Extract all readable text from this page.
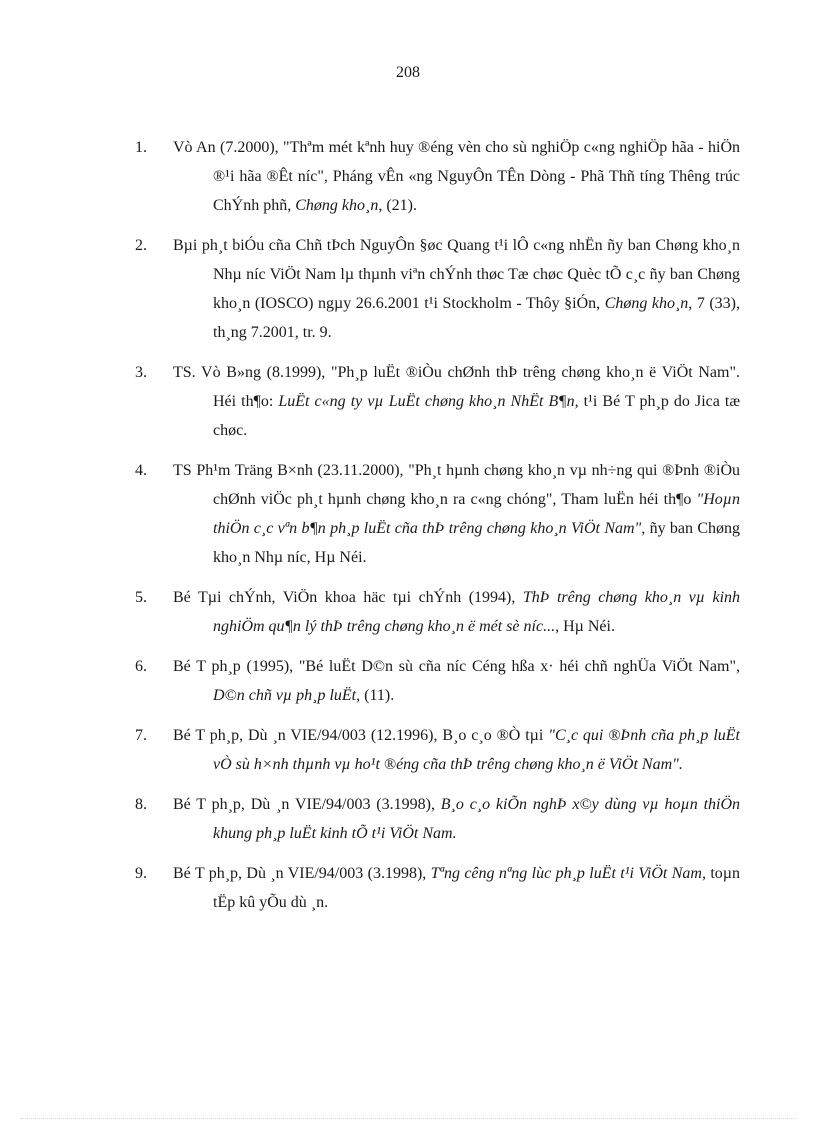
208
1. Vò An (7.2000), "Thªm mét kªnh huy ®éng vèn cho sù nghiÖp c«ng nghiÖp hãa - hiÖn ®¹i hãa ®Êt níc", Pháng vÊn «ng NguyÔn TÊn Dòng - Phã Thñ tíng Thêng trúc ChÝnh phñ, Chøng kho¸n, (21).
2. Bµi ph¸t biÓu cña Chñ tÞch NguyÔn §øc Quang t¹i lÔ c«ng nhËn ñy ban Chøng kho¸n Nhµ níc ViÖt Nam lµ thµnh viªn chÝnh thøc Tæ chøc Quèc tÕ c¸c ñy ban Chøng kho¸n (IOSCO) ngµy 26.6.2001 t¹i Stockholm - Thôy §iÓn, Chøng kho¸n, 7 (33), th¸ng 7.2001, tr. 9.
3. TS. Vò B»ng (8.1999), "Ph¸p luËt ®iÒu chØnh thÞ trêng chøng kho¸n ë ViÖt Nam". Héi th¶o: LuËt c«ng ty vµ LuËt chøng kho¸n NhËt B¶n, t¹i Bé T ph¸p do Jica tæ chøc.
4. TS Ph¹m Träng B×nh (23.11.2000), "Ph¸t hµnh chøng kho¸n vµ nh÷ng qui ®Þnh ®iÒu chØnh viÖc ph¸t hµnh chøng kho¸n ra c«ng chóng", Tham luËn héi th¶o "Hoµn thiÖn c¸c vªn b¶n ph¸p luËt cña thÞ trêng chøng kho¸n ViÖt Nam", ñy ban Chøng kho¸n Nhµ níc, Hµ Néi.
5. Bé Tµi chÝnh, ViÖn khoa häc tµi chÝnh (1994), ThÞ trêng chøng kho¸n vµ kinh nghiÖm qu¶n lý thÞ trêng chøng kho¸n ë mét sè níc..., Hµ Néi.
6. Bé T ph¸p (1995), "Bé luËt D©n sù cña níc Céng hßa x· héi chñ nghÜa ViÖt Nam", D©n chñ vµ ph¸p luËt, (11).
7. Bé T ph¸p, Dù ¸n VIE/94/003 (12.1996), B¸o c¸o ®Ò tµi "C¸c qui ®Þnh cña ph¸p luËt vÒ sù h×nh thµnh vµ ho¹t ®éng cña thÞ trêng chøng kho¸n ë ViÖt Nam".
8. Bé T ph¸p, Dù ¸n VIE/94/003 (3.1998), B¸o c¸o kiÕn nghÞ x©y dùng vµ hoµn thiÖn khung ph¸p luËt kinh tÕ t¹i ViÖt Nam.
9. Bé T ph¸p, Dù ¸n VIE/94/003 (3.1998), Tªng cêng nªng lùc ph¸p luËt t¹i ViÖt Nam, toµn tËp kû yÕu dù ¸n.
